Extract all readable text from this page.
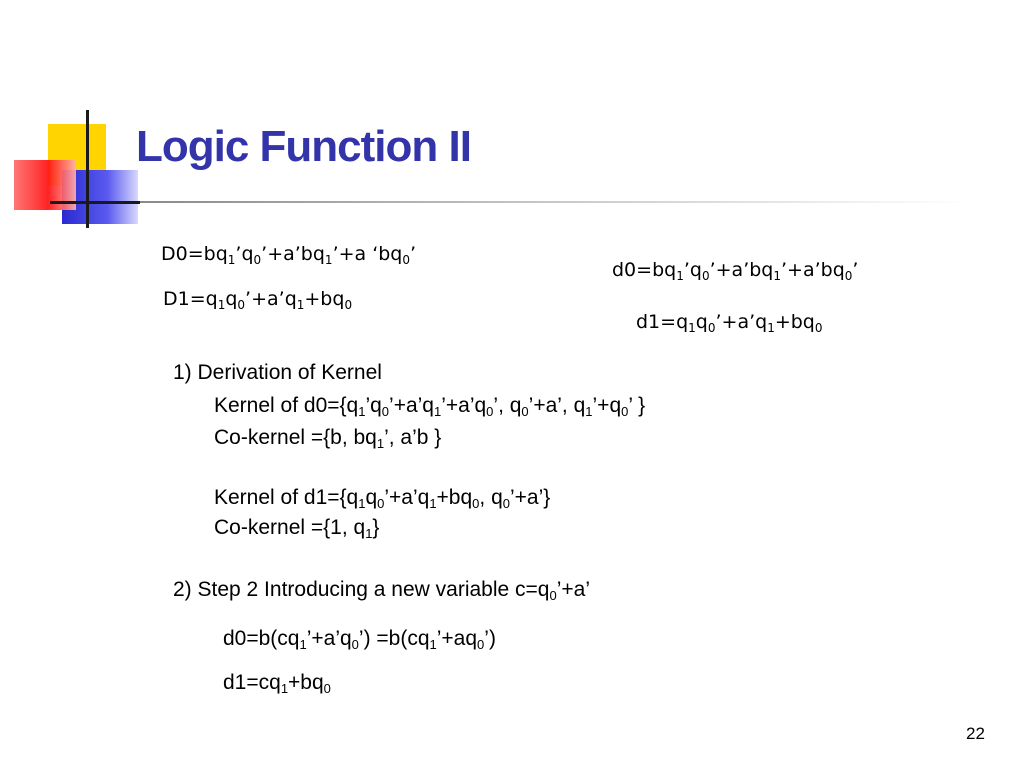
Logic Function II
$D0=bq_1’q_0’+a’bq_1’+a$ ‘$bq_0$’
$D1=q_1q_0’+a’q_1+bq_0$
$d0=bq_1’q_0’+a’bq_1’+a’bq_0$’
$d1=q_1q_0’+a’q_1+bq_0$
1) Derivation of Kernel
Kernel of $d0=\{q_1’q_0’+a’q_1’+a’q_0$’, $q_0’+a$’, $q_1’+q_0$’ }
Co-kernel ={b, $bq_1$’, a’b }
Kernel of $d1=\{q_1q_0’+a’q_1+bq_0$, $q_0’+a$’}
Co-kernel ={1, $q_1$}
2) Step 2 Introducing a new variable $c=q_0’+a$’
$d0=b(cq_1’+a’q_0’)$ $=b(cq_1’+aq_0’)$
$d1=cq_1+bq_0$
22
